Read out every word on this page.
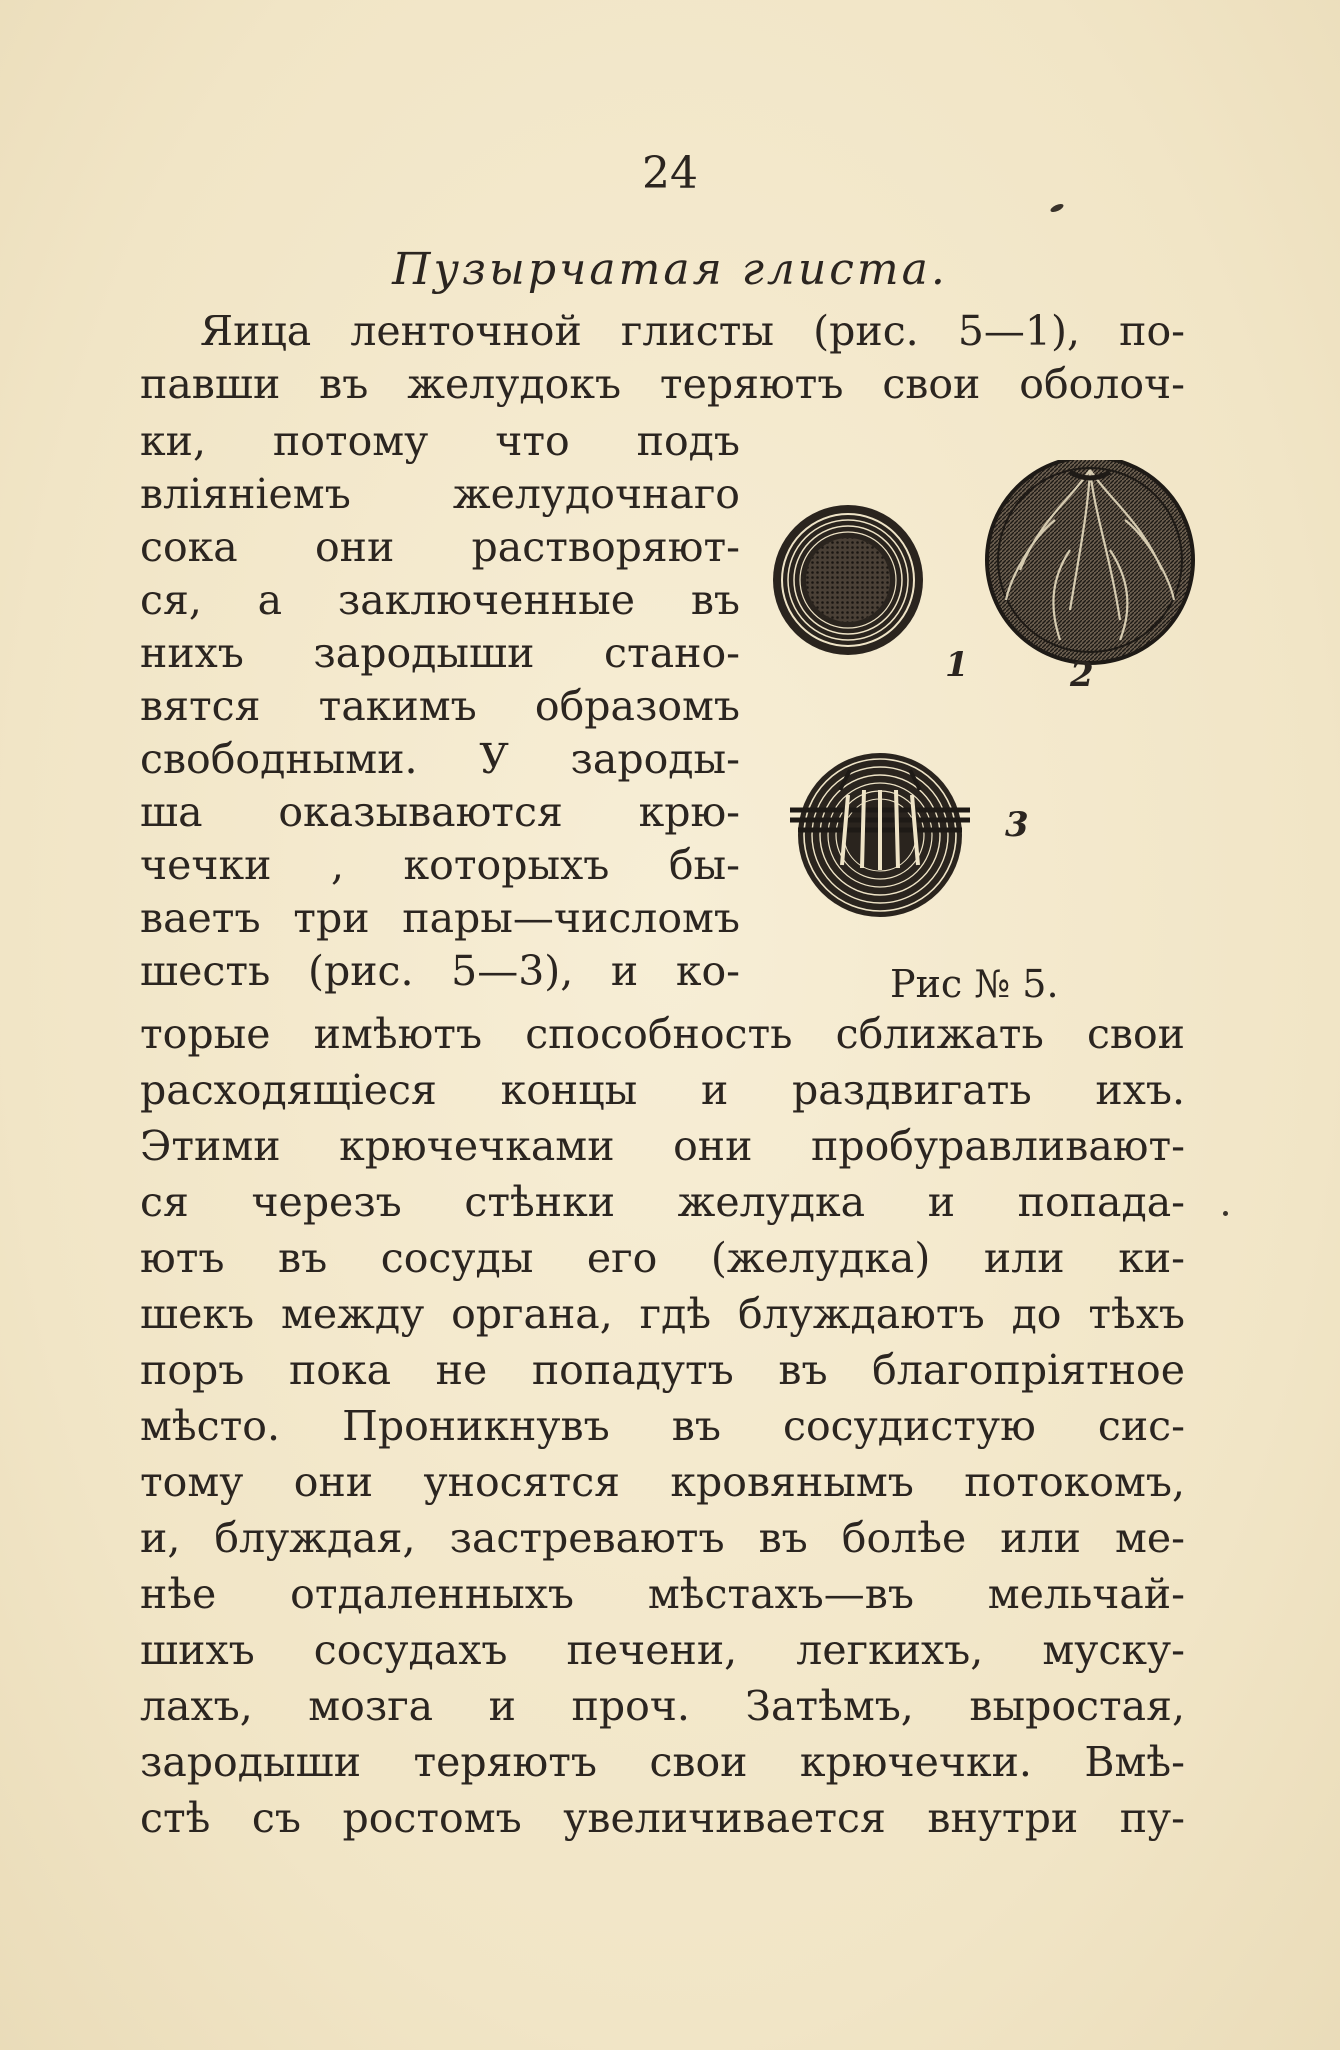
24
Пузырчатая глиста.
Яица ленточной глисты (рис. 5—1), по-
павши въ желудокъ теряютъ свои оболоч-
ки, потому что подъ
вліяніемъ желудочнаго
сока они растворяют-
ся, а заключенные въ
нихъ зародыши стано-
вятся такимъ образомъ
свободными. У зароды-
ша оказываются крю-
чечки , которыхъ бы-
ваетъ три пары—числомъ
шесть (рис. 5—3), и ко-
торые имѣютъ способность сближать свои
расходящіеся концы и раздвигать ихъ.
Этими крючечками они пробуравливают-
ся черезъ стѣнки желудка и попада-
ютъ въ сосуды его (желудка) или ки-
шекъ между органа, гдѣ блуждаютъ до тѣхъ
поръ пока не попадутъ въ благопріятное
мѣсто. Проникнувъ въ сосудистую сис-
тому они уносятся кровянымъ потокомъ,
и, блуждая, застреваютъ въ болѣе или ме-
нѣе отдаленныхъ мѣстахъ—въ мельчай-
шихъ сосудахъ печени, легкихъ, муску-
лахъ, мозга и проч. Затѣмъ, выростая,
зародыши теряютъ свои крючечки. Вмѣ-
стѣ съ ростомъ увеличивается внутри пу-
1	2
3
Рис № 5.
